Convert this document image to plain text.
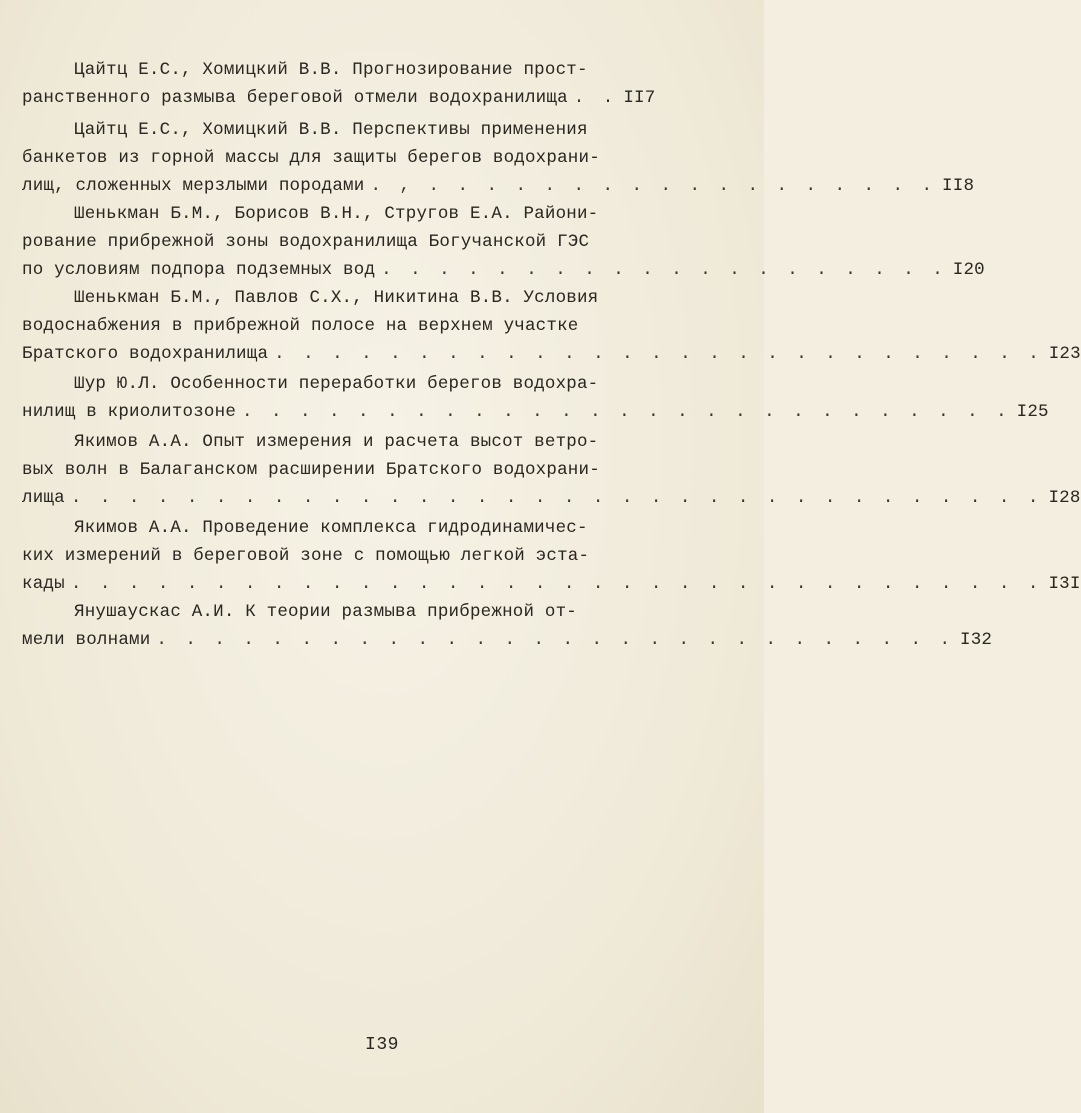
Цайтц Е.С., Хомицкий В.В. Прогнозирование прост-
ранственного размыва береговой отмели водохранилища . . II7
Цайтц Е.С., Хомицкий В.В. Перспективы применения
банкетов из горной массы для защиты берегов водохрани-
лищ, сложенных мерзлыми породами . , . . . . . . . . . . . . . . . . . . II8
Шенькман Б.М., Борисов В.Н., Стругов Е.А. Райони-
рование прибрежной зоны водохранилища Богучанской ГЭС
по условиям подпора подземных вод . . . . . . . . . . . . . . . . . . . . I20
Шенькман Б.М., Павлов С.Х., Никитина В.В. Условия
водоснабжения в прибрежной полосе на верхнем участке
Братского водохранилища . . . . . . . . . . . . . . . . . . . . . . . . . . . I23
Шур Ю.Л. Особенности переработки берегов водохра-
нилищ в криолитозоне . . . . . . . . . . . . . . . . . . . . . . . . . . . I25
Якимов А.А. Опыт измерения и расчета высот ветро-
вых волн в Балаганском расширении Братского водохрани-
лища . . . . . . . . . . . . . . . . . . . . . . . . . . . . . . . . . . I28
Якимов А.А. Проведение комплекса гидродинамичес-
ких измерений в береговой зоне с помощью легкой эста-
кады . . . . . . . . . . . . . . . . . . . . . . . . . . . . . . . . . . I3I
Янушаускас А.И. К теории размыва прибрежной от-
мели волнами . . . . . . . . . . . . . . . . . . . . . . . . . . . . I32
I39
